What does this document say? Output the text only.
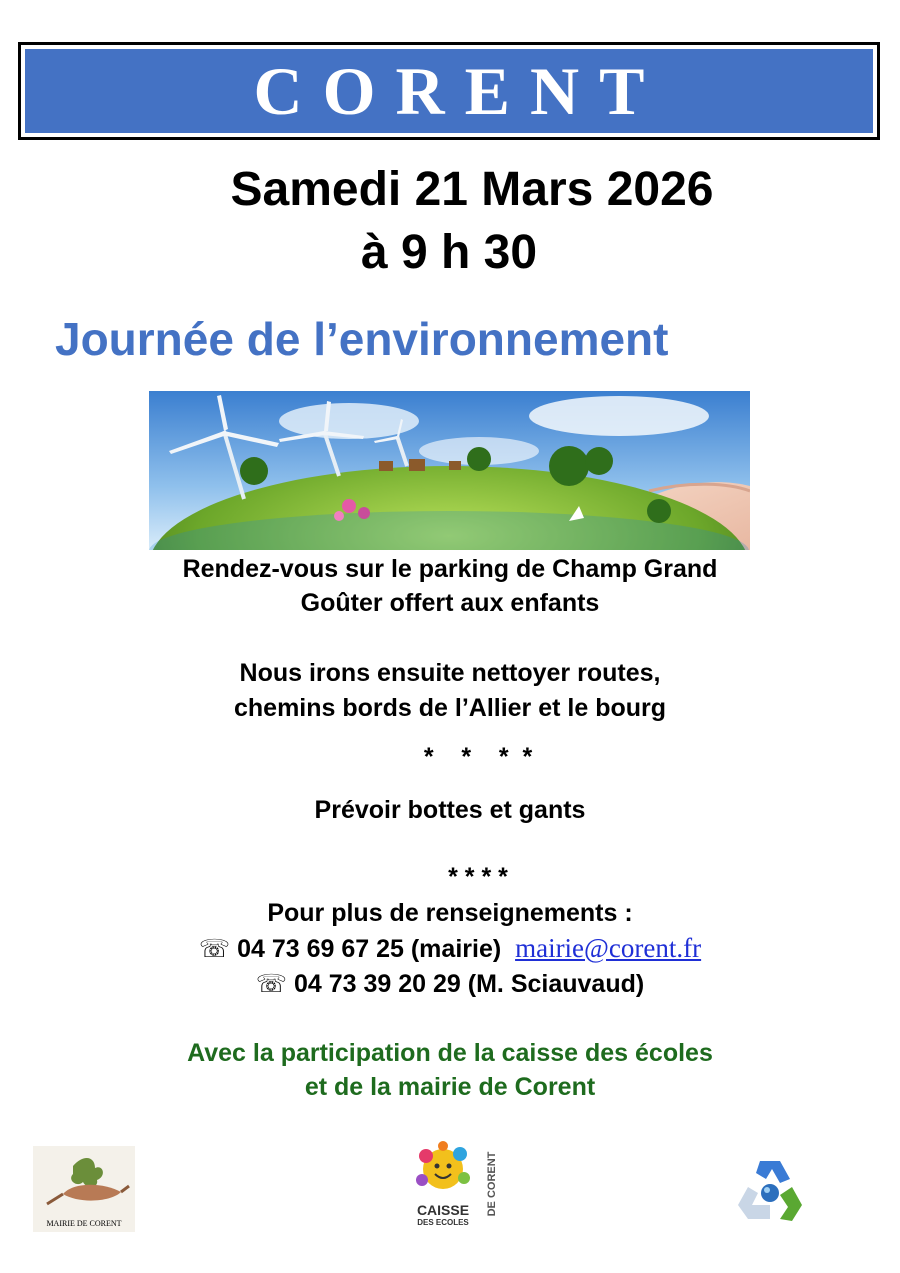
CORENT
Samedi 21 Mars 2026
à 9 h 30
Journée de l’environnement
Rendez-vous sur le parking de Champ Grand
Goûter offert aux enfants
Nous irons ensuite nettoyer routes,
chemins bords de l’Allier et le bourg
*    *    *  *
Prévoir bottes et gants
* * * *
Pour plus de renseignements :
☏ 04 73 69 67 25 (mairie) mairie@corent.fr
☏ 04 73 39 20 29 (M. Sciauvaud)
Avec la participation de la caisse des écoles
et de la mairie de Corent
MAIRIE DE CORENT
CAISSE
DES ECOLES
DE CORENT
